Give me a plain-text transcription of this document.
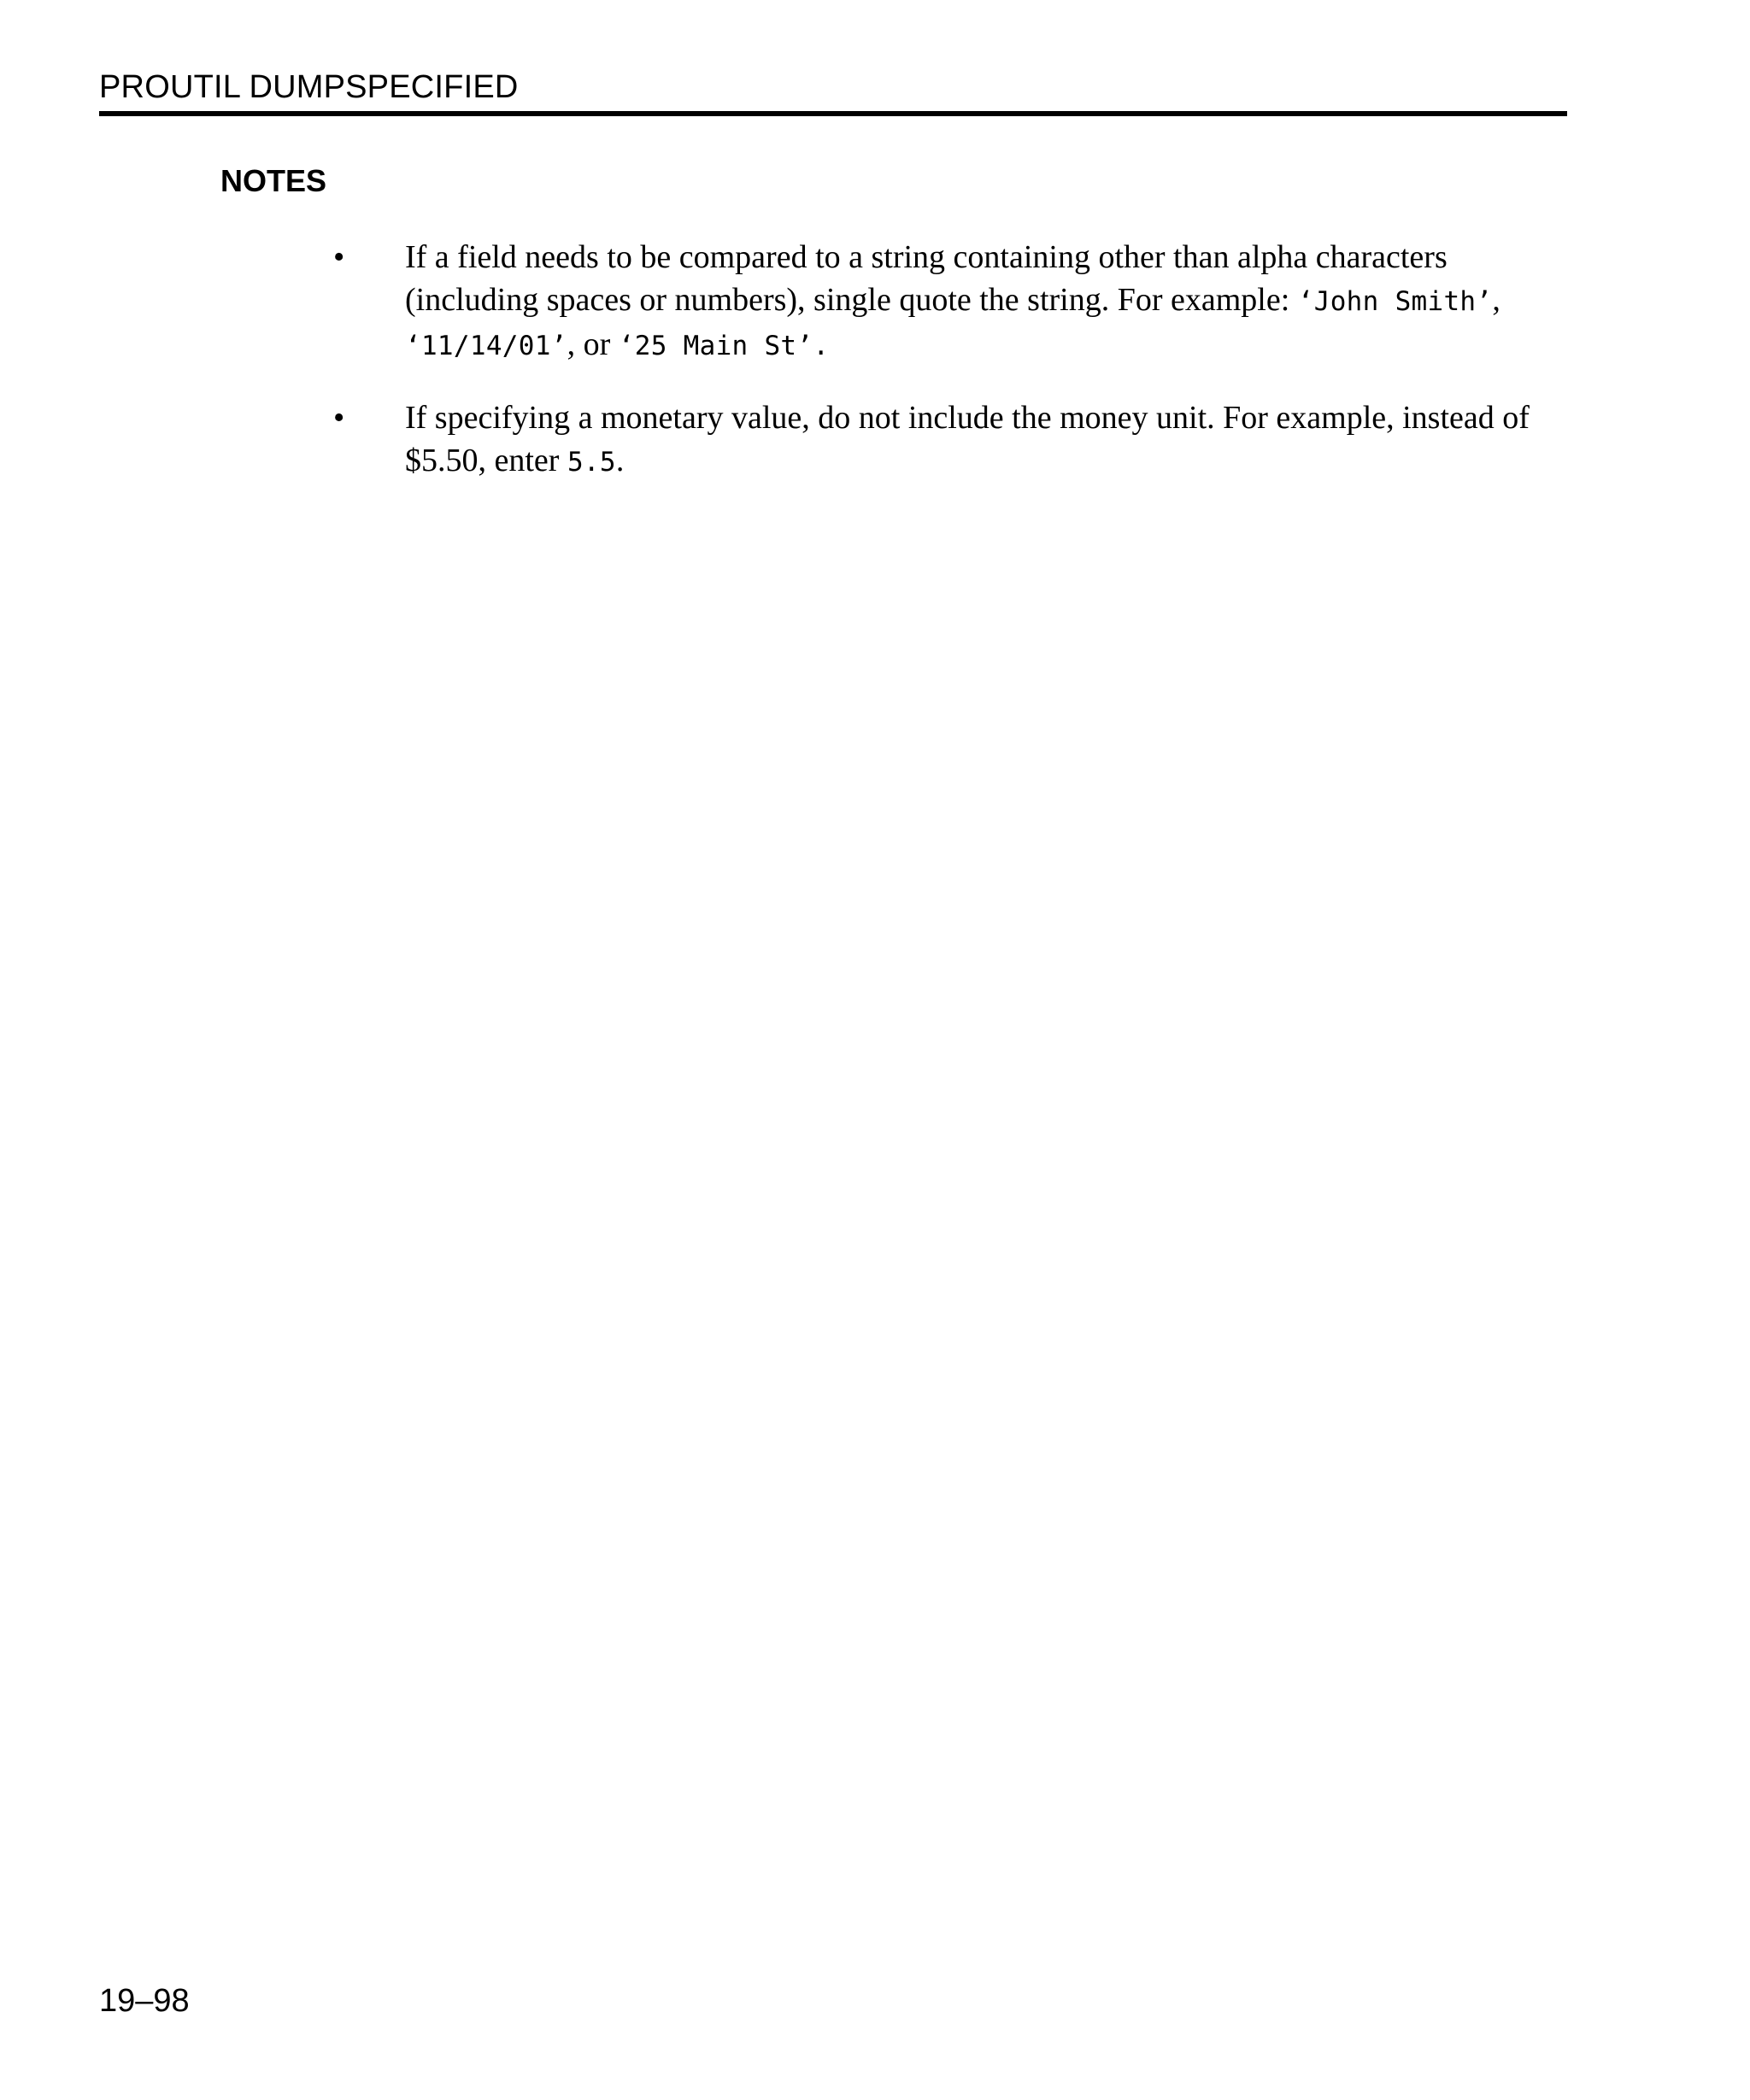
PROUTIL DUMPSPECIFIED
NOTES
• If a field needs to be compared to a string containing other than alpha characters (including spaces or numbers), single quote the string. For example: ‘John Smith’, ‘11/14/01’, or ‘25 Main St’.
• If specifying a monetary value, do not include the money unit. For example, instead of $5.50, enter 5.5.
19–98
